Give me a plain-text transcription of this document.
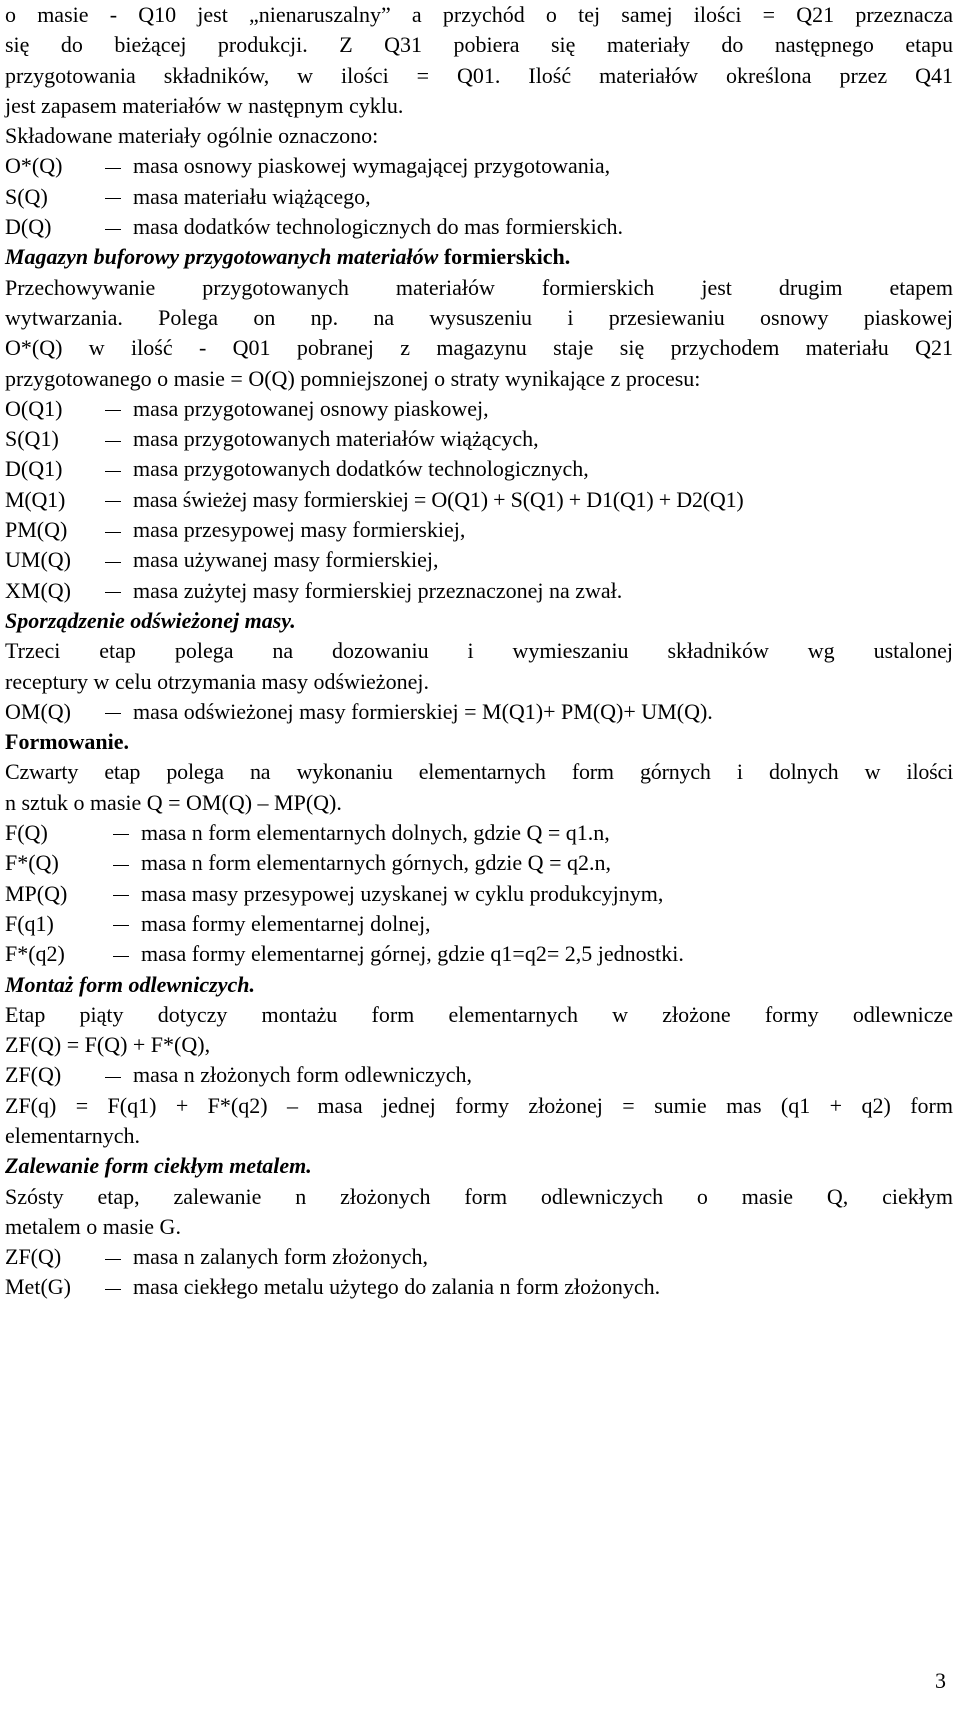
o masie - Q10 jest „nienaruszalny” a przychód o tej samej ilości = Q21 przeznacza
się do bieżącej produkcji. Z Q31 pobiera się materiały do następnego etapu
przygotowania składników, w ilości = Q01. Ilość materiałów określona przez Q41
jest zapasem materiałów w następnym cyklu.
Składowane materiały ogólnie oznaczono:
O*(Q)	masa osnowy piaskowej wymagającej przygotowania,
S(Q)	masa materiału wiążącego,
D(Q)	masa dodatków technologicznych do mas formierskich.
Magazyn buforowy przygotowanych materiałów formierskich.
Przechowywanie przygotowanych materiałów formierskich jest drugim etapem
wytwarzania. Polega on np. na wysuszeniu i przesiewaniu osnowy piaskowej
O*(Q) w ilość - Q01 pobranej z magazynu staje się przychodem materiału Q21
przygotowanego o masie = O(Q) pomniejszonej o straty wynikające z procesu:
O(Q1)	masa przygotowanej osnowy piaskowej,
S(Q1)	masa przygotowanych materiałów wiążących,
D(Q1)	masa przygotowanych dodatków technologicznych,
M(Q1)	masa świeżej masy formierskiej = O(Q1) + S(Q1) + D1(Q1) + D2(Q1)
PM(Q)	masa przesypowej masy formierskiej,
UM(Q)	masa używanej masy formierskiej,
XM(Q)	masa zużytej masy formierskiej przeznaczonej na zwał.
Sporządzenie odświeżonej masy.
Trzeci etap polega na dozowaniu i wymieszaniu składników wg ustalonej
receptury w celu otrzymania masy odświeżonej.
OM(Q)	masa odświeżonej masy formierskiej = M(Q1)+ PM(Q)+ UM(Q).
Formowanie.
Czwarty etap polega na wykonaniu elementarnych form górnych i dolnych w ilości
n sztuk o masie Q = OM(Q) – MP(Q).
F(Q)	masa n form elementarnych dolnych, gdzie Q = q1.n,
F*(Q)	masa n form elementarnych górnych, gdzie Q = q2.n,
MP(Q)	masa masy przesypowej uzyskanej w cyklu produkcyjnym,
F(q1)	masa formy elementarnej dolnej,
F*(q2)	masa formy elementarnej górnej, gdzie q1=q2= 2,5 jednostki.
Montaż form odlewniczych.
Etap piąty dotyczy montażu form elementarnych w złożone formy odlewnicze
ZF(Q) = F(Q) + F*(Q),
ZF(Q)	masa n złożonych form odlewniczych,
ZF(q) = F(q1) + F*(q2) – masa jednej formy złożonej = sumie mas (q1 + q2) form
elementarnych.
Zalewanie form ciekłym metalem.
Szósty etap, zalewanie n złożonych form odlewniczych o masie Q, ciekłym
metalem o masie G.
ZF(Q)	masa n zalanych form złożonych,
Met(G)	masa ciekłego metalu użytego do zalania n form złożonych.
3
